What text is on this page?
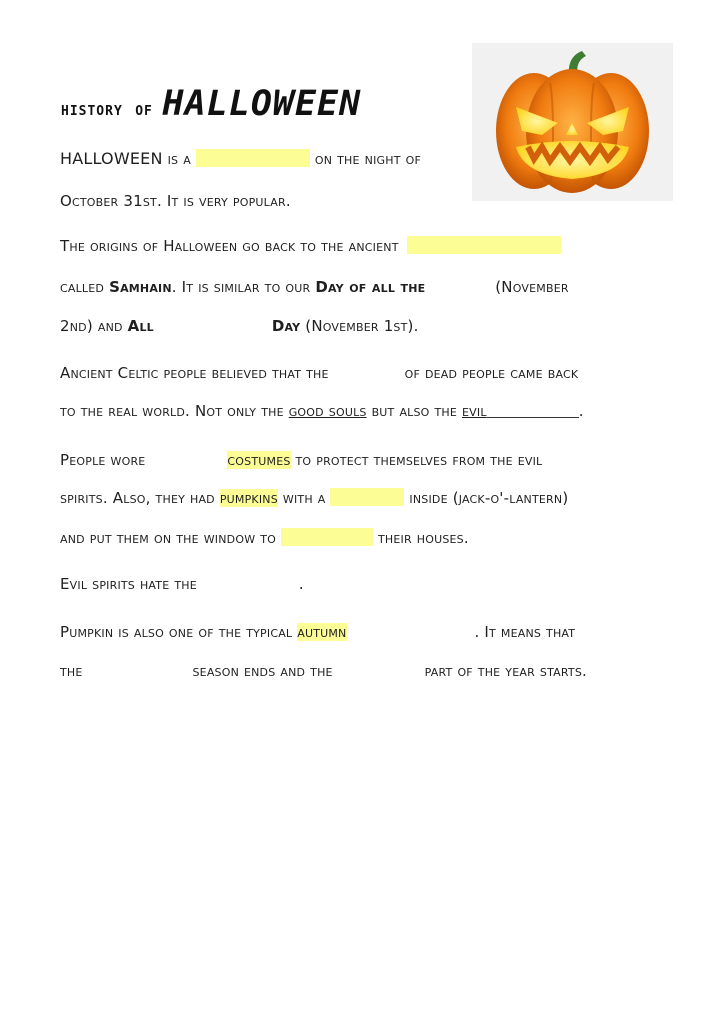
history of HALLOWEEN
HALLOWEEN is a	on the night of
October 31st. It is very popular.
The origins of Halloween go back to the ancient
called Samhain. It is similar to our Day of all the	(November
2nd) and All	Day (November 1st).
Ancient Celtic people believed that the	of dead people came back
to the real world. Not only the good souls but also the evil	.
People wore	costumes to protect themselves from the evil
spirits. Also, they had pumpkins with a	inside (jack-o'-lantern)
and put them on the window to	their houses.
Evil spirits hate the	.
Pumpkin is also one of the typical autumn	. It means that
the	season ends and the	part of the year starts.
